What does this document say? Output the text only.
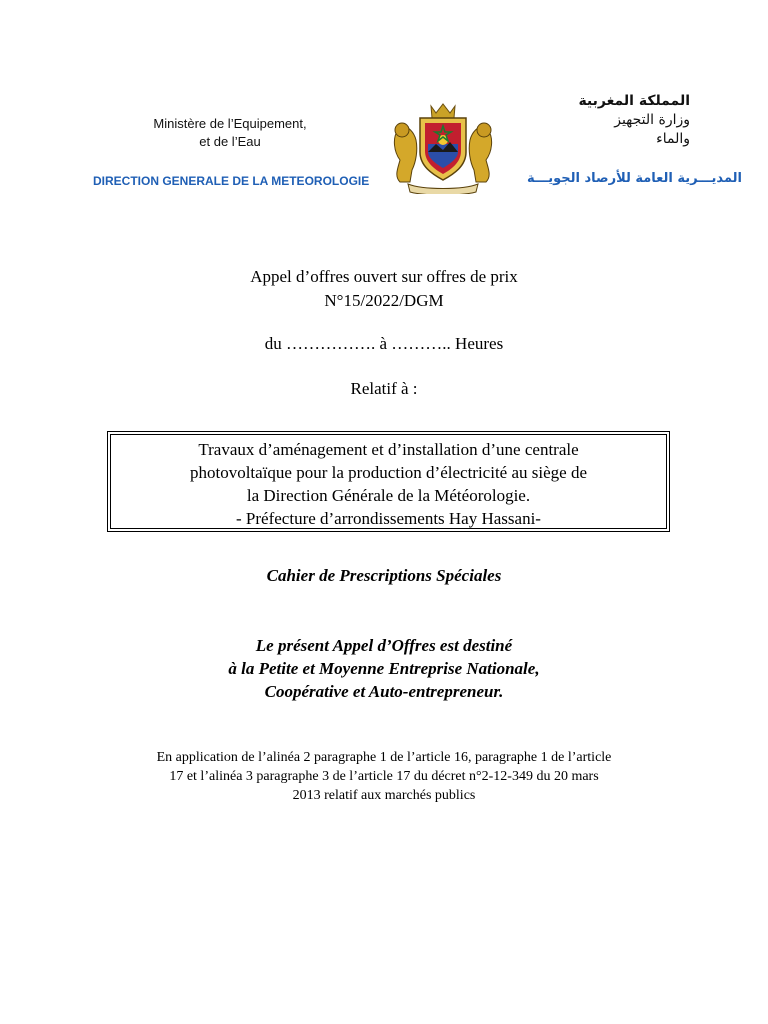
Ministère de l’Equipement,
et de l’Eau
DIRECTION GENERALE DE LA METEOROLOGIE
المملكة المغربية
وزارة التجهيز
والماء
المديـــرية العامة للأرصاد الجويـــة
Appel d’offres ouvert sur offres de prix
N°15/2022/DGM
du ……………. à ……….. Heures
Relatif à :
Travaux d’aménagement et d’installation d’une centrale
photovoltaïque pour la production d’électricité au siège de
la Direction Générale de la Météorologie.
- Préfecture d’arrondissements Hay Hassani-
Cahier de Prescriptions Spéciales
Le présent Appel d’Offres est destiné
à la Petite et Moyenne Entreprise Nationale,
Coopérative et Auto-entrepreneur.
En application de l’alinéa 2 paragraphe 1 de l’article 16, paragraphe 1 de l’article
17 et l’alinéa 3 paragraphe 3 de l’article 17 du décret n°2-12-349 du 20 mars
2013 relatif aux marchés publics
